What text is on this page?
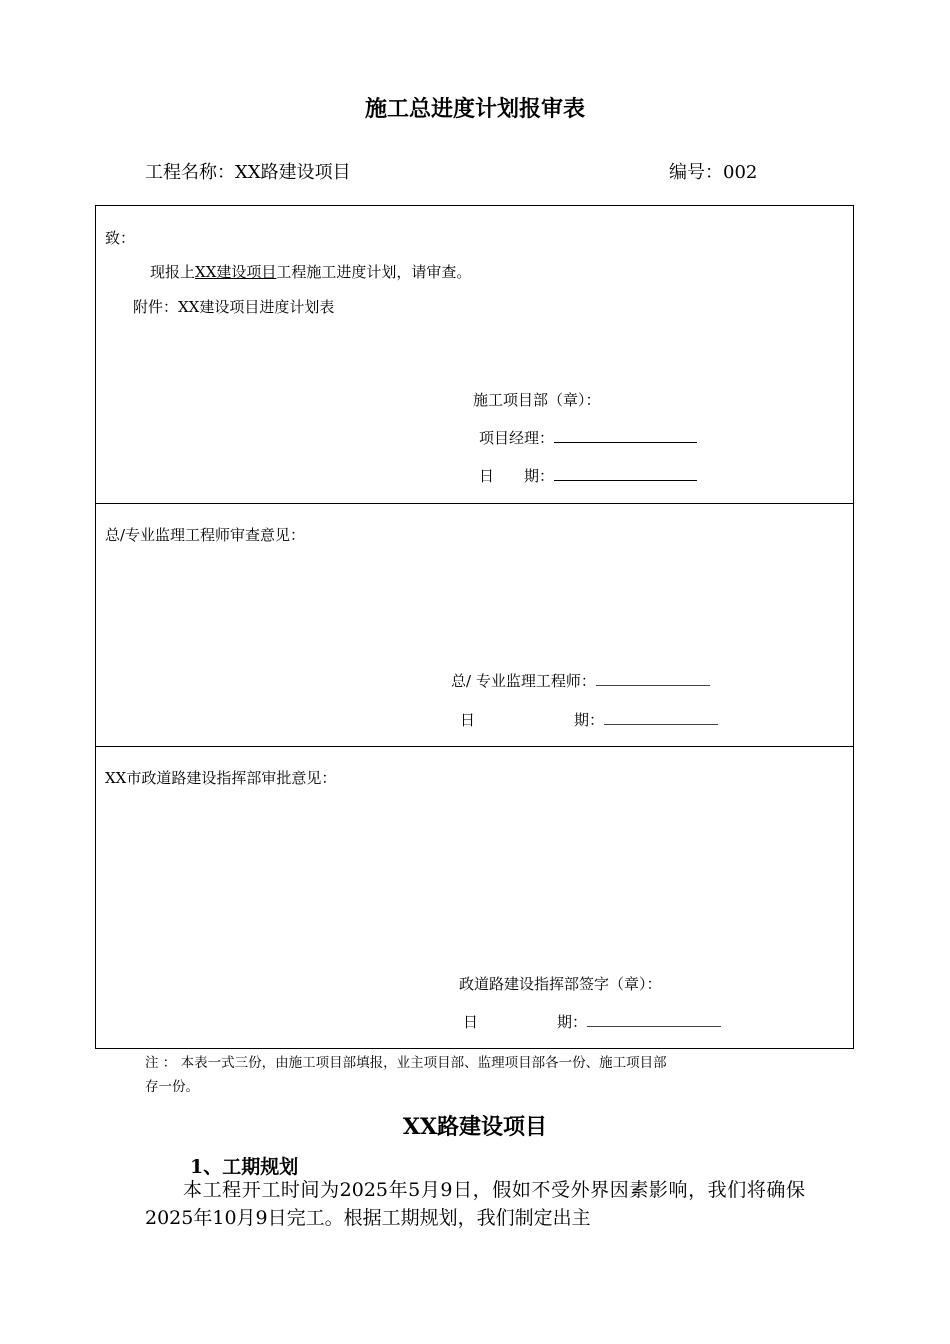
施工总进度计划报审表
工程名称：XX路建设项目	编号：002
致：
现报上XX建设项目工程施工进度计划，请审查。
附件：XX建设项目进度计划表
施工项目部（章）：
项目经理：
日　　期：
总/专业监理工程师审查意见：
总/ 专业监理工程师：
日	期：
XX市政道路建设指挥部审批意见：
政道路建设指挥部签字（章）：
日	期：
注 ： 本表一式三份，由施工项目部填报，业主项目部、监理项目部各一份、施工项目部
存一份。
XX路建设项目
1、工期规划
本工程开工时间为2025年5月9日，假如不受外界因素影响，我们将确保2025年10月9日完工。根据工期规划，我们制定出主
